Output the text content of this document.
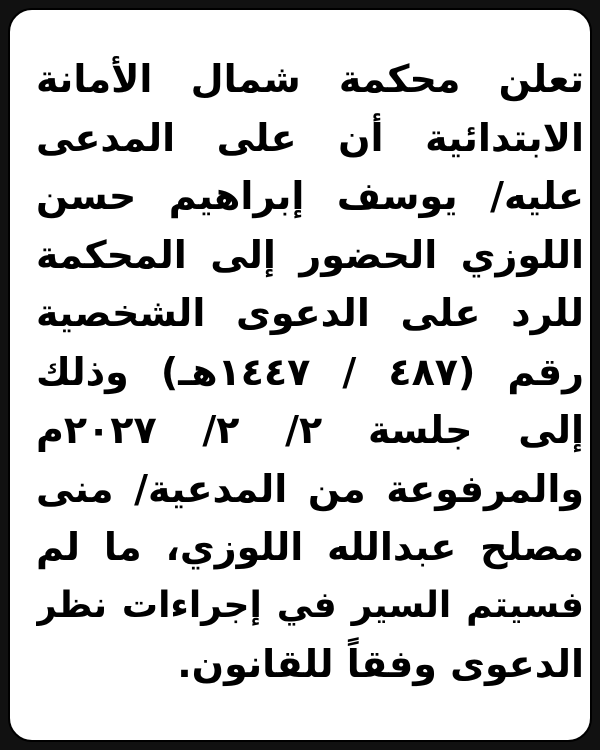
تعلن محكمة شمال الأمانة
الابتدائية أن على المدعى
عليه/ يوسف إبراهيم حسن
اللوزي الحضور إلى المحكمة
للرد على الدعوى الشخصية
رقم (٤٨٧ / ١٤٤٧هـ) وذلك
إلى جلسة ٢/ ٢/ ٢٠٢٧م
والمرفوعة من المدعية/ منى
مصلح عبدالله اللوزي، ما لم
فسيتم السير في إجراءات نظر
الدعوى وفقاً للقانون.
